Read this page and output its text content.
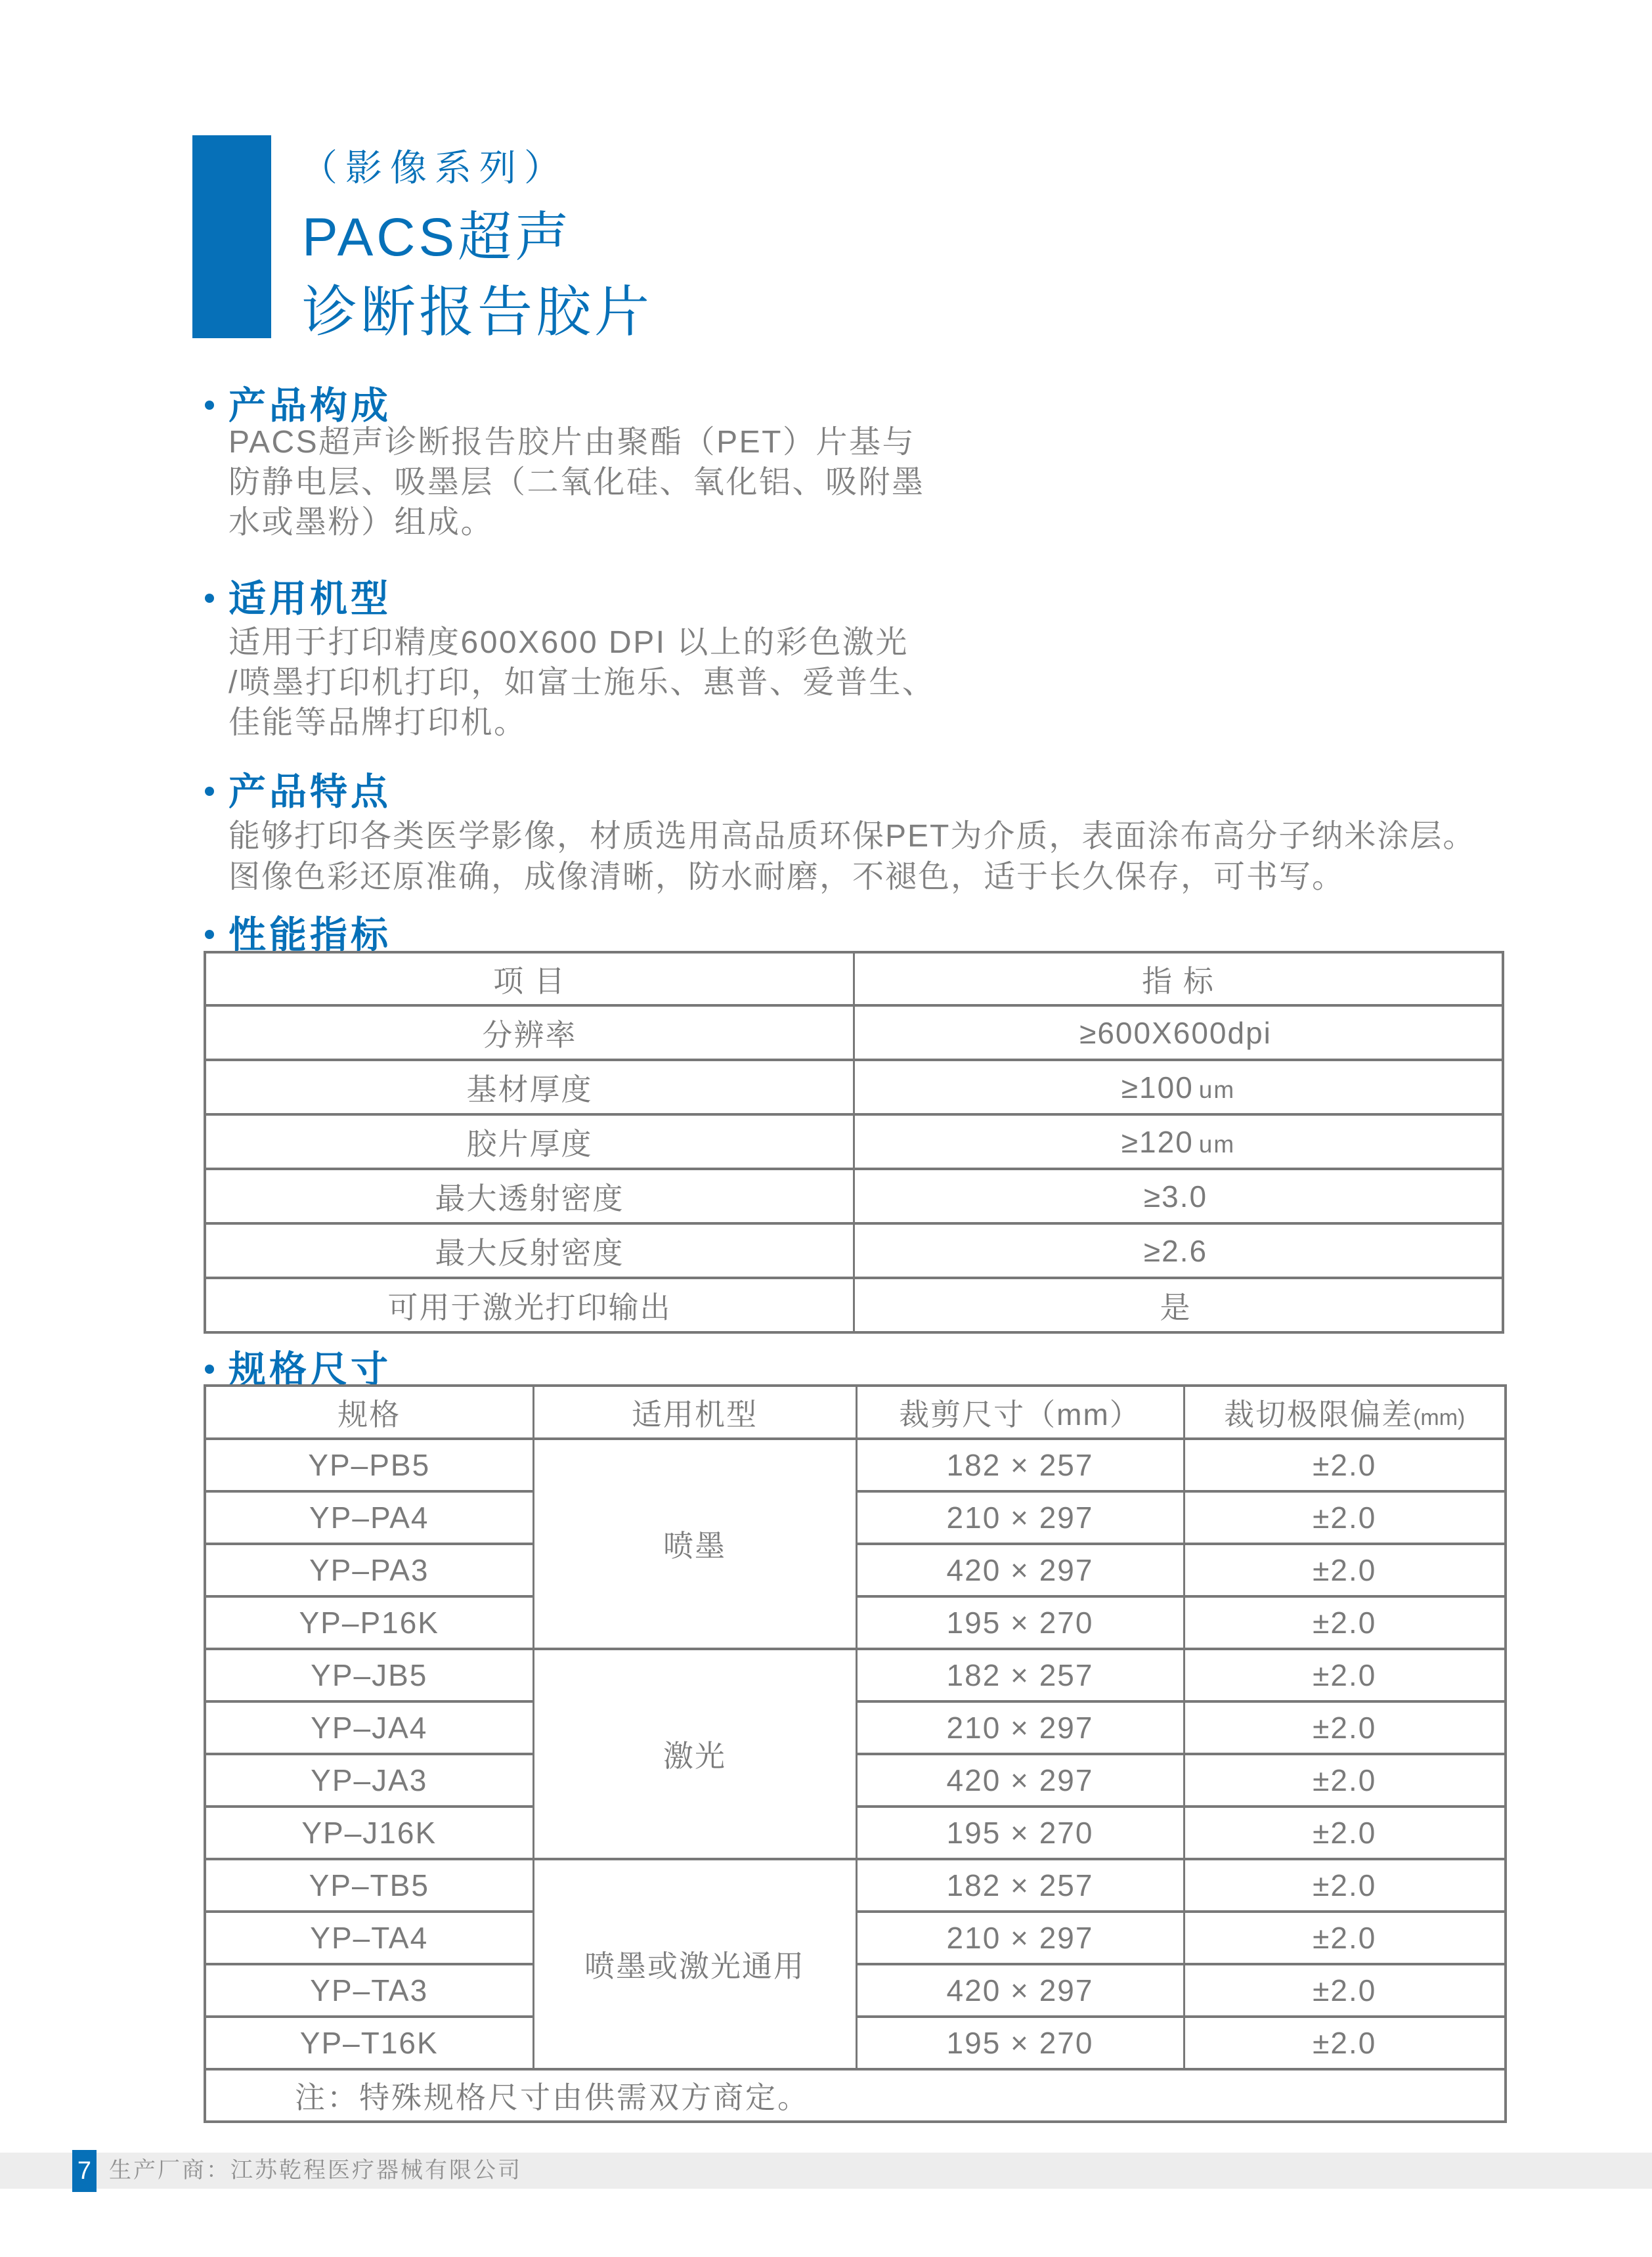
（影像系列）
PACS超声
诊断报告胶片
产品构成
PACS超声诊断报告胶片由聚酯（PET）片基与
防静电层、吸墨层（二氧化硅、氧化铝、吸附墨
水或墨粉）组成。
适用机型
适用于打印精度600X600 DPI 以上的彩色激光
/喷墨打印机打印，如富士施乐、惠普、爱普生、
佳能等品牌打印机。
产品特点
能够打印各类医学影像，材质选用高品质环保PET为介质，表面涂布高分子纳米涂层。
图像色彩还原准确，成像清晰，防水耐磨，不褪色，适于长久保存，可书写。
性能指标
项 目	指 标
分辨率	≥600X600dpi
基材厚度	≥100 um
胶片厚度	≥120 um
最大透射密度	≥3.0
最大反射密度	≥2.6
可用于激光打印输出	是
规格尺寸
规格	适用机型	裁剪尺寸（mm）	裁切极限偏差(mm)
YP–PB5	喷墨	182 × 257	±2.0
YP–PA4		210 × 297	±2.0
YP–PA3		420 × 297	±2.0
YP–P16K		195 × 270	±2.0
YP–JB5	激光	182 × 257	±2.0
YP–JA4		210 × 297	±2.0
YP–JA3		420 × 297	±2.0
YP–J16K		195 × 270	±2.0
YP–TB5	喷墨或激光通用	182 × 257	±2.0
YP–TA4		210 × 297	±2.0
YP–TA3		420 × 297	±2.0
YP–T16K		195 × 270	±2.0
注：特殊规格尺寸由供需双方商定。			
7 生产厂商：江苏乾程医疗器械有限公司
